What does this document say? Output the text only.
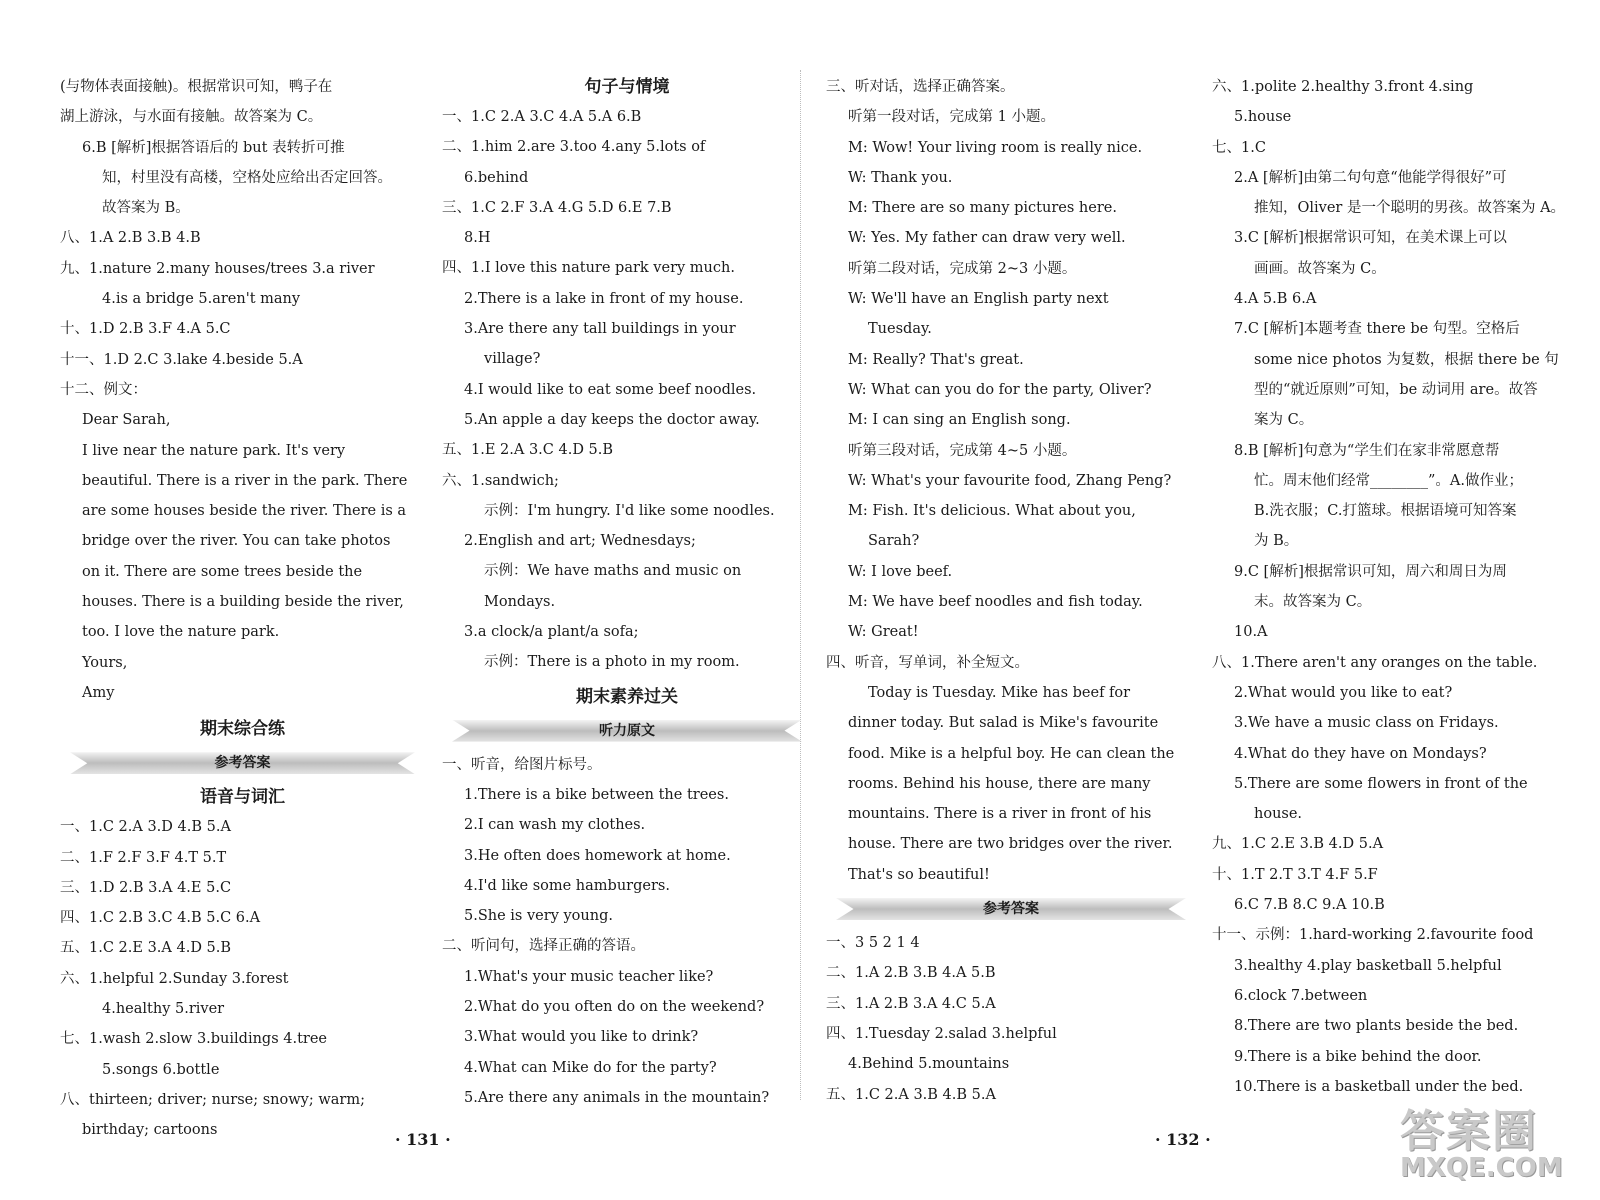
(与物体表面接触)。根据常识可知，鸭子在
湖上游泳，与水面有接触。故答案为 C。
6.B [解析]根据答语后的 but 表转折可推
知，村里没有高楼，空格处应给出否定回答。
故答案为 B。
八、1.A 2.B 3.B 4.B
九、1.nature 2.many houses/trees 3.a river
4.is a bridge 5.aren't many
十、1.D 2.B 3.F 4.A 5.C
十一、1.D 2.C 3.lake 4.beside 5.A
十二、例文：
Dear Sarah,
I live near the nature park. It's very
beautiful. There is a river in the park. There
are some houses beside the river. There is a
bridge over the river. You can take photos
on it. There are some trees beside the
houses. There is a building beside the river,
too. I love the nature park.
Yours,
Amy
期末综合练
参考答案
语音与词汇
一、1.C 2.A 3.D 4.B 5.A
二、1.F 2.F 3.F 4.T 5.T
三、1.D 2.B 3.A 4.E 5.C
四、1.C 2.B 3.C 4.B 5.C 6.A
五、1.C 2.E 3.A 4.D 5.B
六、1.helpful 2.Sunday 3.forest
4.healthy 5.river
七、1.wash 2.slow 3.buildings 4.tree
5.songs 6.bottle
八、thirteen; driver; nurse; snowy; warm;
birthday; cartoons
句子与情境
一、1.C 2.A 3.C 4.A 5.A 6.B
二、1.him 2.are 3.too 4.any 5.lots of
6.behind
三、1.C 2.F 3.A 4.G 5.D 6.E 7.B
8.H
四、1.I love this nature park very much.
2.There is a lake in front of my house.
3.Are there any tall buildings in your
village?
4.I would like to eat some beef noodles.
5.An apple a day keeps the doctor away.
五、1.E 2.A 3.C 4.D 5.B
六、1.sandwich;
示例：I'm hungry. I'd like some noodles.
2.English and art; Wednesdays;
示例：We have maths and music on
Mondays.
3.a clock/a plant/a sofa;
示例：There is a photo in my room.
期末素养过关
听力原文
一、听音，给图片标号。
1.There is a bike between the trees.
2.I can wash my clothes.
3.He often does homework at home.
4.I'd like some hamburgers.
5.She is very young.
二、听问句，选择正确的答语。
1.What's your music teacher like?
2.What do you often do on the weekend?
3.What would you like to drink?
4.What can Mike do for the party?
5.Are there any animals in the mountain?
三、听对话，选择正确答案。
听第一段对话，完成第 1 小题。
M: Wow! Your living room is really nice.
W: Thank you.
M: There are so many pictures here.
W: Yes. My father can draw very well.
听第二段对话，完成第 2~3 小题。
W: We'll have an English party next
Tuesday.
M: Really? That's great.
W: What can you do for the party, Oliver?
M: I can sing an English song.
听第三段对话，完成第 4~5 小题。
W: What's your favourite food, Zhang Peng?
M: Fish. It's delicious. What about you,
Sarah?
W: I love beef.
M: We have beef noodles and fish today.
W: Great!
四、听音，写单词，补全短文。
Today is Tuesday. Mike has beef for
dinner today. But salad is Mike's favourite
food. Mike is a helpful boy. He can clean the
rooms. Behind his house, there are many
mountains. There is a river in front of his
house. There are two bridges over the river.
That's so beautiful!
参考答案
一、3 5 2 1 4
二、1.A 2.B 3.B 4.A 5.B
三、1.A 2.B 3.A 4.C 5.A
四、1.Tuesday 2.salad 3.helpful
4.Behind 5.mountains
五、1.C 2.A 3.B 4.B 5.A
六、1.polite 2.healthy 3.front 4.sing
5.house
七、1.C
2.A [解析]由第二句句意“他能学得很好”可
推知，Oliver 是一个聪明的男孩。故答案为 A。
3.C [解析]根据常识可知，在美术课上可以
画画。故答案为 C。
4.A 5.B 6.A
7.C [解析]本题考查 there be 句型。空格后
some nice photos 为复数，根据 there be 句
型的“就近原则”可知，be 动词用 are。故答
案为 C。
8.B [解析]句意为“学生们在家非常愿意帮
忙。周末他们经常________”。A.做作业；
B.洗衣服；C.打篮球。根据语境可知答案
为 B。
9.C [解析]根据常识可知，周六和周日为周
末。故答案为 C。
10.A
八、1.There aren't any oranges on the table.
2.What would you like to eat?
3.We have a music class on Fridays.
4.What do they have on Mondays?
5.There are some flowers in front of the
house.
九、1.C 2.E 3.B 4.D 5.A
十、1.T 2.T 3.T 4.F 5.F
6.C 7.B 8.C 9.A 10.B
十一、示例：1.hard-working 2.favourite food
3.healthy 4.play basketball 5.helpful
6.clock 7.between
8.There are two plants beside the bed.
9.There is a bike behind the door.
10.There is a basketball under the bed.
· 131 ·	· 132 ·	答案圈
MXQE.COM
